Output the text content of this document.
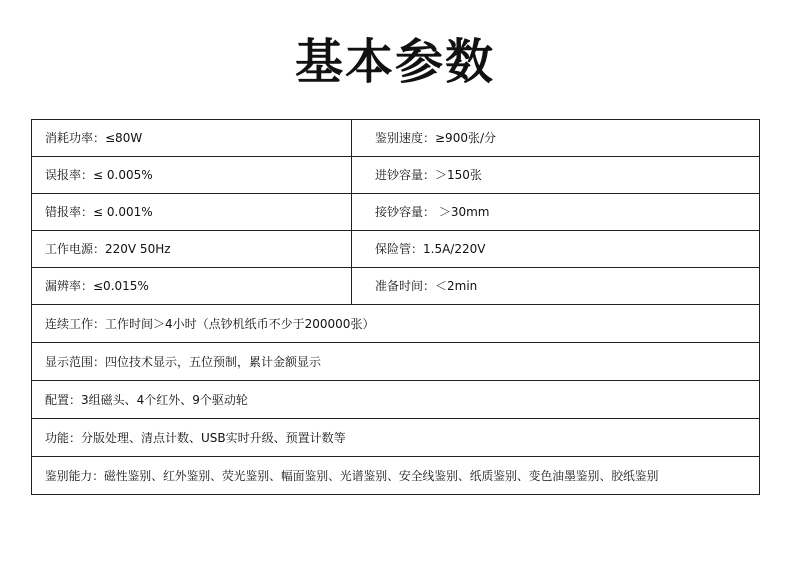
基本参数
消耗功率：≤80W	鉴别速度：≥900张/分
误报率：≤ 0.005%	进钞容量：＞150张
错报率：≤ 0.001%	接钞容量： ＞30mm
工作电源：220V 50Hz	保险管：1.5A/220V
漏辨率：≤0.015%	准备时间：＜2min
连续工作：工作时间＞4小时（点钞机纸币不少于200000张）	
显示范围：四位技术显示，五位预制，累计金额显示	
配置：3组磁头、4个红外、9个驱动轮	
功能：分版处理、清点计数、USB实时升级、预置计数等	
鉴别能力：磁性鉴别、红外鉴别、荧光鉴别、幅面鉴别、光谱鉴别、安全线鉴别、纸质鉴别、变色油墨鉴别、胶纸鉴别	
